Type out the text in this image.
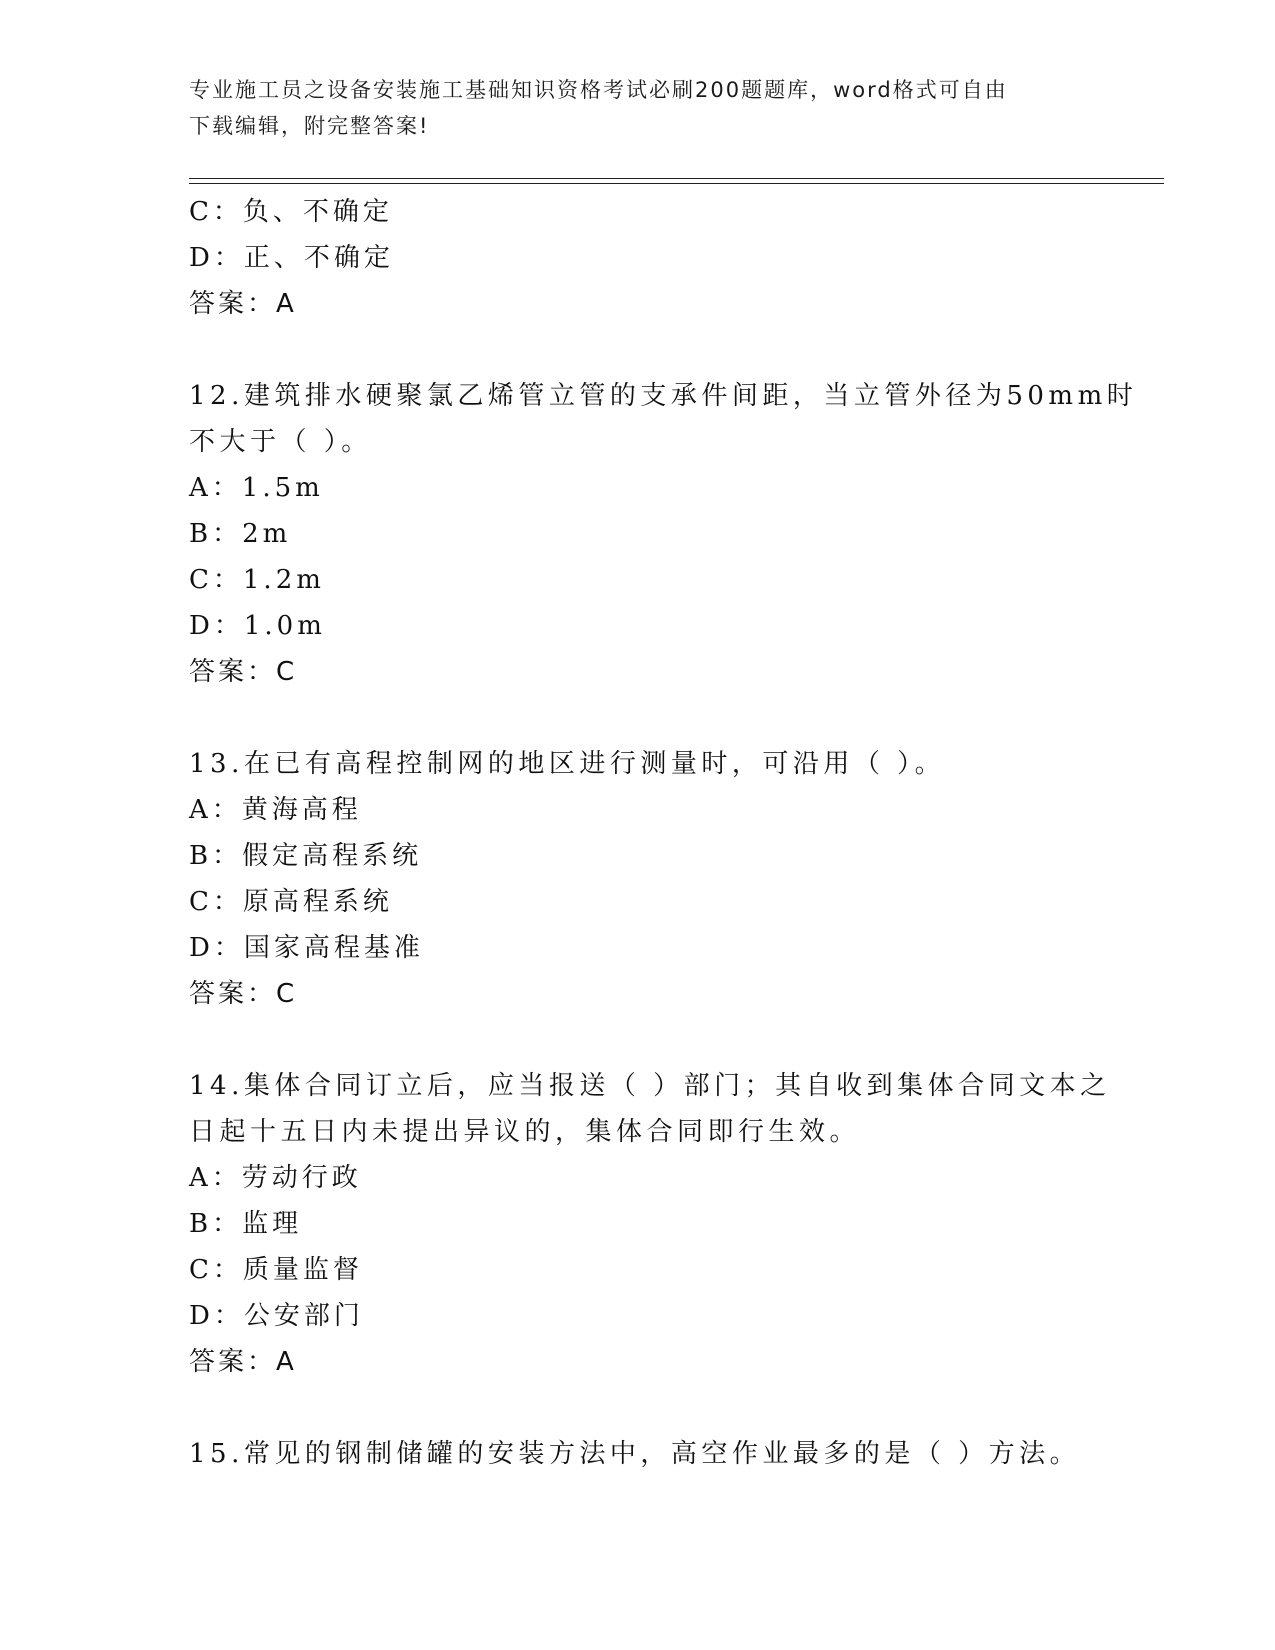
专业施工员之设备安装施工基础知识资格考试必刷200题题库，word格式可自由
下载编辑，附完整答案!
C：负、不确定
D：正、不确定
答案：A
12.建筑排水硬聚氯乙烯管立管的支承件间距，当立管外径为50mm时
不大于（ ）。
A：1.5m
B：2m
C：1.2m
D：1.0m
答案：C
13.在已有高程控制网的地区进行测量时，可沿用（ ）。
A：黄海高程
B：假定高程系统
C：原高程系统
D：国家高程基准
答案：C
14.集体合同订立后，应当报送（ ）部门；其自收到集体合同文本之
日起十五日内未提出异议的，集体合同即行生效。
A：劳动行政
B：监理
C：质量监督
D：公安部门
答案：A
15.常见的钢制储罐的安装方法中，高空作业最多的是（ ）方法。
